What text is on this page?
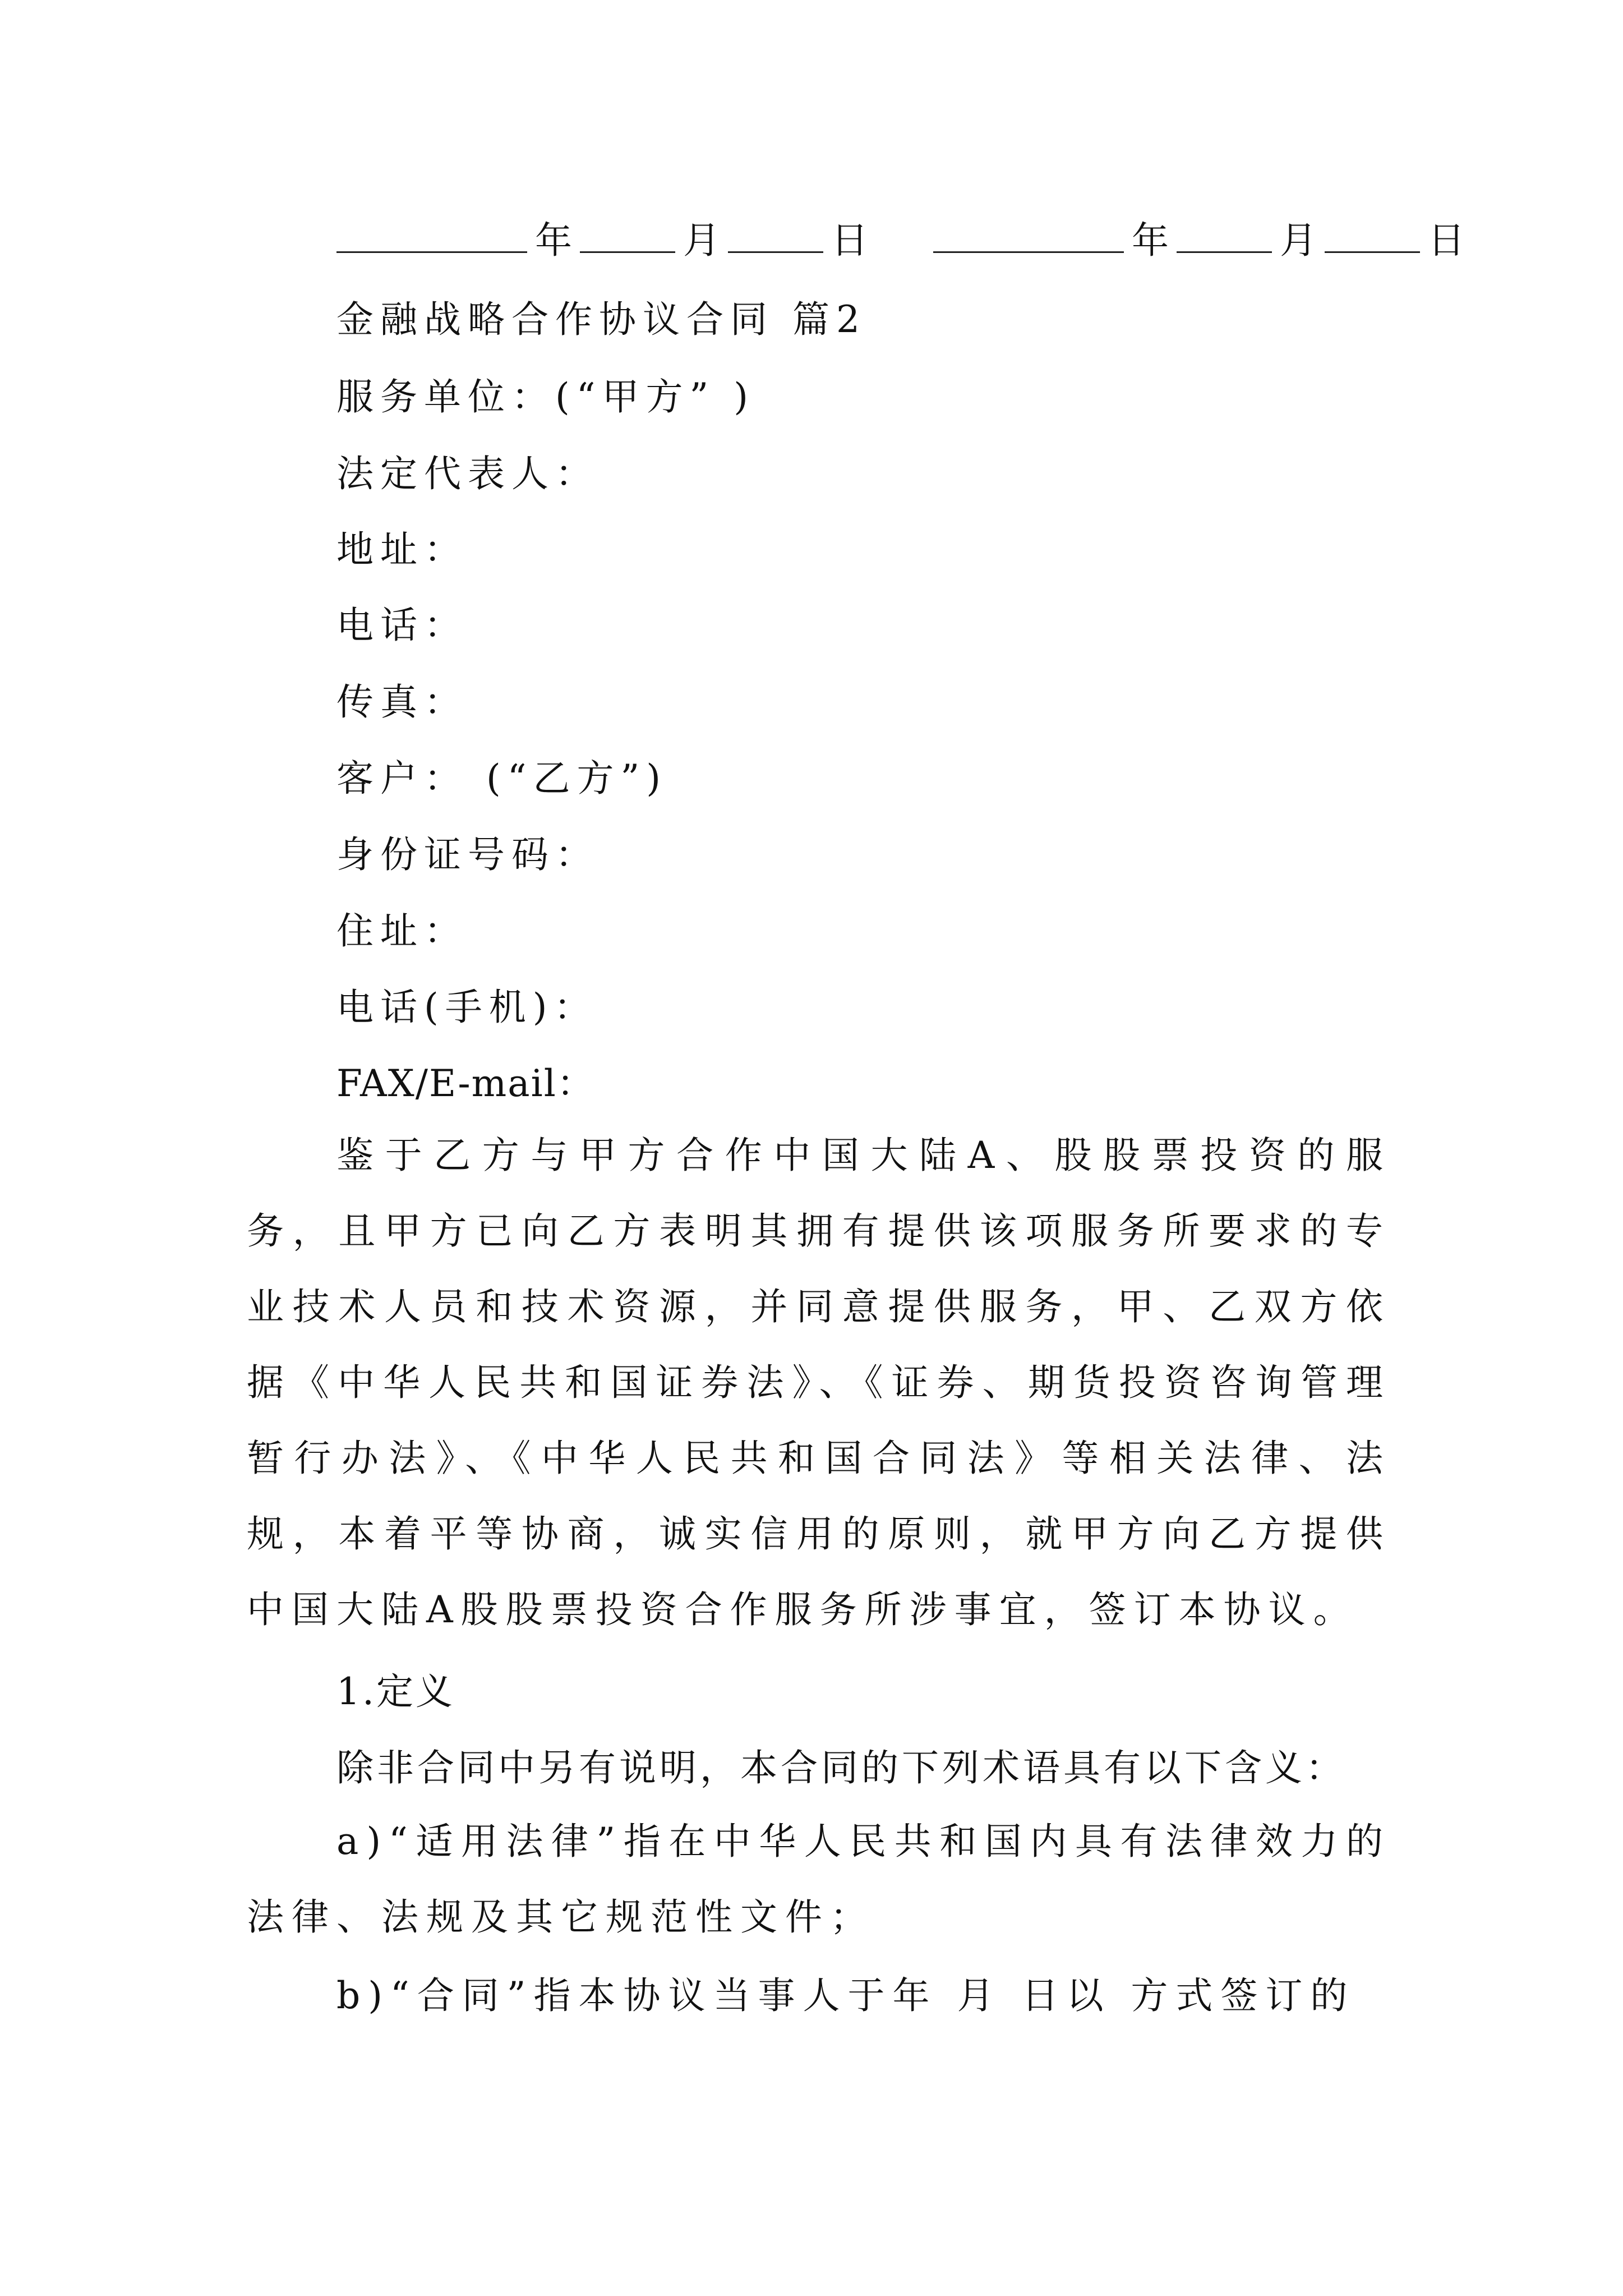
年	月	日	年	月	日
金融战略合作协议合同 篇2
服务单位：(“甲方” )
法定代表人：
地址：
电话：
传真：
客户： (“乙方”)
身份证号码：
住址：
电话(手机)：
FAX/E-mail：
鉴于乙方与甲方合作中国大陆A、股股票投资的服务，且甲方已向乙方表明其拥有提供该项服务所要求的专业技术人员和技术资源，并同意提供服务，甲、乙双方依据《中华人民共和国证券法》、《证券、期货投资咨询管理暂行办法》、《中华人民共和国合同法》等相关法律、法规，本着平等协商，诚实信用的原则，就甲方向乙方提供中国大陆A股股票投资合作服务所涉事宜，签订本协议。
1.定义
除非合同中另有说明，本合同的下列术语具有以下含义：
a)“适用法律”指在中华人民共和国内具有法律效力的法律、法规及其它规范性文件；
b)“合同”指本协议当事人于年 月 日以 方式签订的
